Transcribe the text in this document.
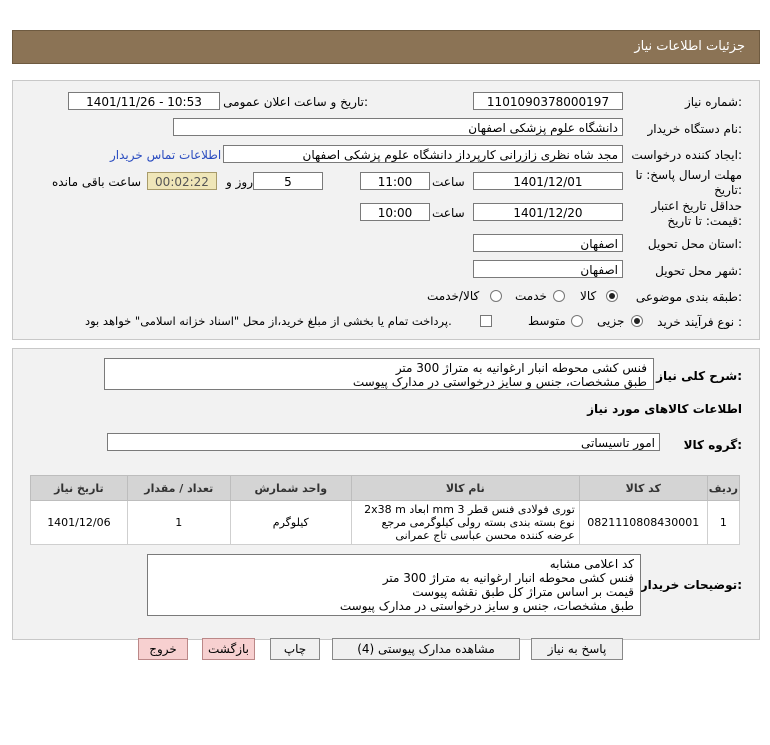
جزئیات اطلاعات نیاز
شماره نیاز:
1101090378000197
تاریخ و ساعت اعلان عمومی:
1401/11/26 - 10:53
نام دستگاه خریدار:
دانشگاه علوم پزشکی اصفهان
ایجاد کننده درخواست:
مجد شاه نظری زازرانی کارپرداز دانشگاه علوم پزشکی اصفهان
اطلاعات تماس خریدار
مهلت ارسال پاسخ: تا تاریخ:
1401/12/01
ساعت
11:00
5
روز و
00:02:22
ساعت باقی مانده
حداقل تاریخ اعتبار قیمت: تا تاریخ:
1401/12/20
ساعت
10:00
استان محل تحویل:
اصفهان
شهر محل تحویل:
اصفهان
طبقه بندی موضوعی:
کالا
خدمت
کالا/خدمت
نوع فرآیند خرید :
جزیی
متوسط
پرداخت تمام یا بخشی از مبلغ خرید،از محل "اسناد خزانه اسلامی" خواهد بود.
شرح کلی نیاز:
فنس کشی محوطه انبار ارغوانیه به متراژ 300 متر
طبق مشخصات، جنس و سایز درخواستی در مدارک پیوست
اطلاعات کالاهای مورد نیاز
گروه کالا:
امور تاسیساتی
ردیف	کد کالا	نام کالا	واحد شمارش	تعداد / مقدار	تاریخ نیاز
1	0821110808430001	توری فولادی فنس قطر 3 mm ابعاد 2x38 m نوع بسته بندی بسته رولی کیلوگرمی مرجع عرضه کننده محسن عباسی تاج عمرانی	کیلوگرم	1	1401/12/06
توضیحات خریدار:
کد اعلامی مشابه
فنس کشی محوطه انبار ارغوانیه به متراژ 300 متر
قیمت بر اساس متراژ کل طبق نقشه پیوست
طبق مشخصات، جنس و سایز درخواستی در مدارک پیوست
پاسخ به نیاز
مشاهده مدارک پیوستی (4)
چاپ
بازگشت
خروج
